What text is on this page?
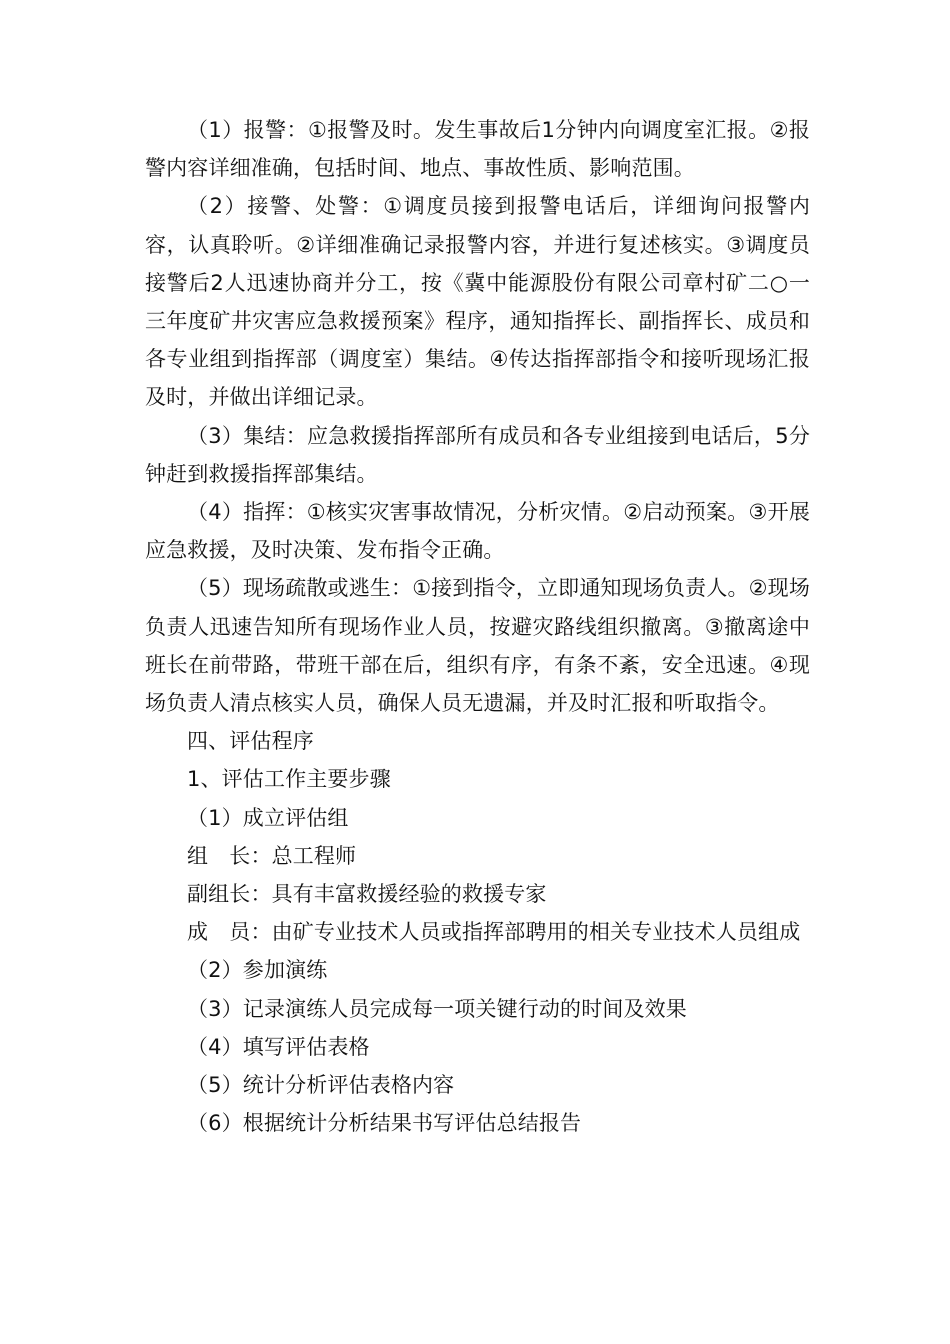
（1）报警：①报警及时。发生事故后1分钟内向调度室汇报。②报警内容详细准确，包括时间、地点、事故性质、影响范围。

（2）接警、处警：①调度员接到报警电话后，详细询问报警内容，认真聆听。②详细准确记录报警内容，并进行复述核实。③调度员接警后2人迅速协商并分工，按《冀中能源股份有限公司章村矿二○一三年度矿井灾害应急救援预案》程序，通知指挥长、副指挥长、成员和各专业组到指挥部（调度室）集结。④传达指挥部指令和接听现场汇报及时，并做出详细记录。

（3）集结：应急救援指挥部所有成员和各专业组接到电话后，5分钟赶到救援指挥部集结。

（4）指挥：①核实灾害事故情况，分析灾情。②启动预案。③开展应急救援，及时决策、发布指令正确。

（5）现场疏散或逃生：①接到指令，立即通知现场负责人。②现场负责人迅速告知所有现场作业人员，按避灾路线组织撤离。③撤离途中班长在前带路，带班干部在后，组织有序，有条不紊，安全迅速。④现场负责人清点核实人员，确保人员无遗漏，并及时汇报和听取指令。

四、评估程序

1、评估工作主要步骤

（1）成立评估组

组　长：总工程师

副组长：具有丰富救援经验的救援专家

成　员：由矿专业技术人员或指挥部聘用的相关专业技术人员组成

（2）参加演练

（3）记录演练人员完成每一项关键行动的时间及效果

（4）填写评估表格

（5）统计分析评估表格内容

（6）根据统计分析结果书写评估总结报告
